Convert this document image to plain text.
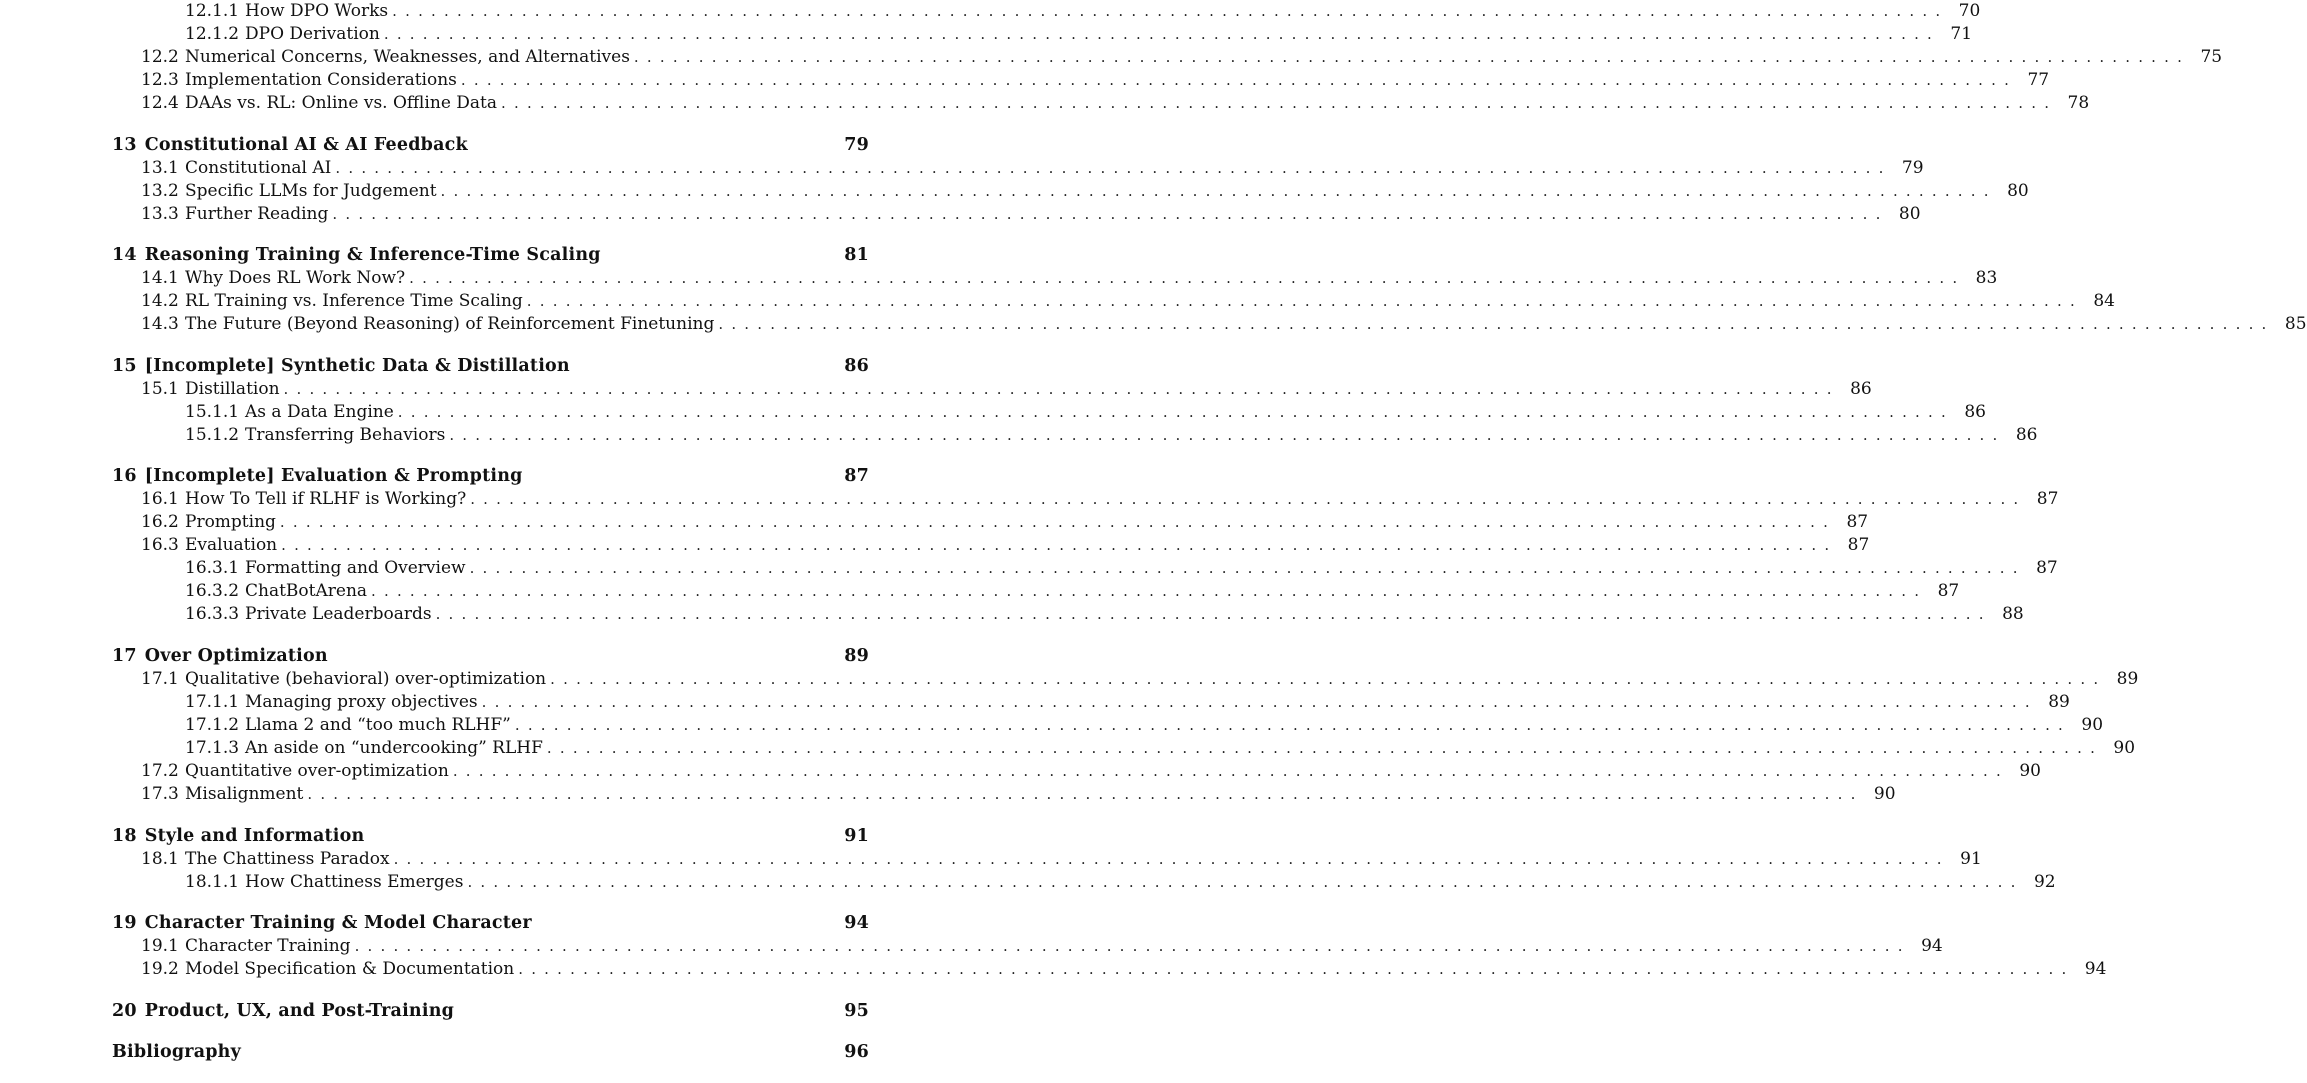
12.1.1 How DPO Works ........................................................................................................................ 70
12.1.2 DPO Derivation ........................................................................................................................ 71
12.2 Numerical Concerns, Weaknesses, and Alternatives ........................................................................................................................ 75
12.3 Implementation Considerations ........................................................................................................................ 77
12.4 DAAs vs. RL: Online vs. Offline Data ........................................................................................................................ 78
13 Constitutional AI & AI Feedback	79
13.1 Constitutional AI ........................................................................................................................ 79
13.2 Specific LLMs for Judgement ........................................................................................................................ 80
13.3 Further Reading ........................................................................................................................ 80
14 Reasoning Training & Inference-Time Scaling	81
14.1 Why Does RL Work Now? ........................................................................................................................ 83
14.2 RL Training vs. Inference Time Scaling ........................................................................................................................ 84
14.3 The Future (Beyond Reasoning) of Reinforcement Finetuning ........................................................................................................................ 85
15 [Incomplete] Synthetic Data & Distillation	86
15.1 Distillation ........................................................................................................................ 86
15.1.1 As a Data Engine ........................................................................................................................ 86
15.1.2 Transferring Behaviors ........................................................................................................................ 86
16 [Incomplete] Evaluation & Prompting	87
16.1 How To Tell if RLHF is Working? ........................................................................................................................ 87
16.2 Prompting ........................................................................................................................ 87
16.3 Evaluation ........................................................................................................................ 87
16.3.1 Formatting and Overview ........................................................................................................................ 87
16.3.2 ChatBotArena ........................................................................................................................ 87
16.3.3 Private Leaderboards ........................................................................................................................ 88
17 Over Optimization	89
17.1 Qualitative (behavioral) over-optimization ........................................................................................................................ 89
17.1.1 Managing proxy objectives ........................................................................................................................ 89
17.1.2 Llama 2 and “too much RLHF” ........................................................................................................................ 90
17.1.3 An aside on “undercooking” RLHF ........................................................................................................................ 90
17.2 Quantitative over-optimization ........................................................................................................................ 90
17.3 Misalignment ........................................................................................................................ 90
18 Style and Information	91
18.1 The Chattiness Paradox ........................................................................................................................ 91
18.1.1 How Chattiness Emerges ........................................................................................................................ 92
19 Character Training & Model Character	94
19.1 Character Training ........................................................................................................................ 94
19.2 Model Specification & Documentation ........................................................................................................................ 94
20 Product, UX, and Post-Training	95
Bibliography	96
